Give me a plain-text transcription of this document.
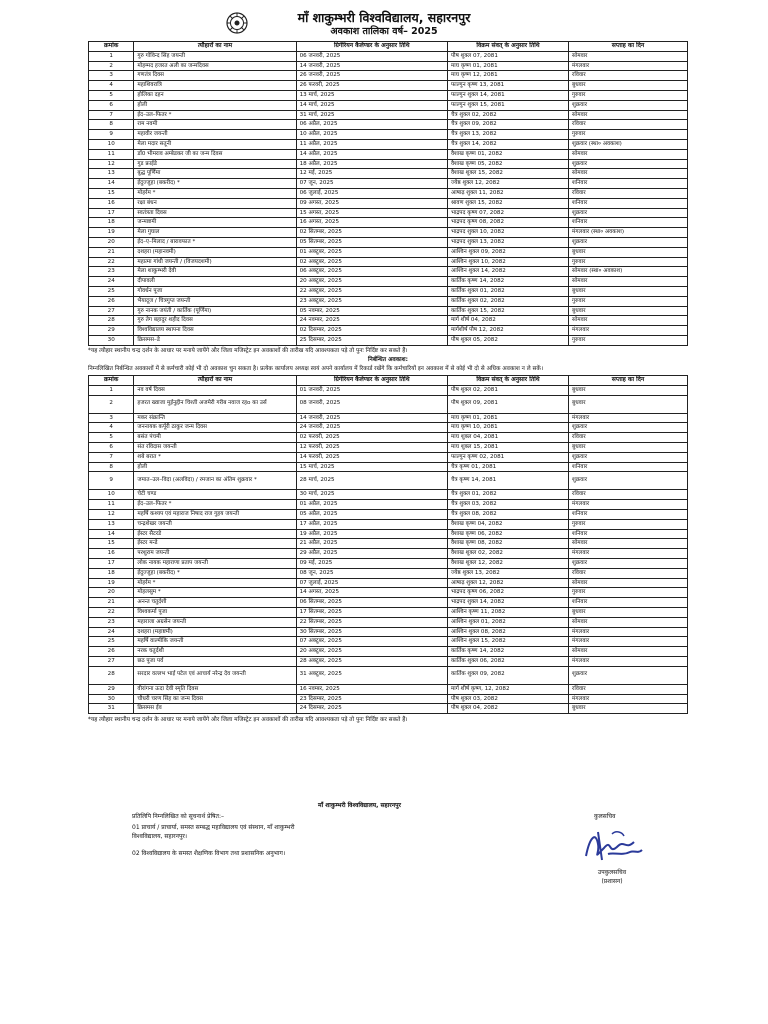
माँ शाकुम्भरी विश्वविद्यालय, सहारनपुर
अवकाश तालिका वर्ष– 2025
क्रमांक	त्यौहारों का नाम	ग्रिगेरियन कैलेण्डर के अनुसार तिथि	विक्रम संवत् के अनुसार तिथि	सप्ताह का दिन
1	गुरु गोविन्द सिंह जयन्ती	06 जनवरी, 2025	पौष शुक्ल 07, 2081	सोमवार
2	मोहम्मद हजरत अली का जन्मदिवस	14 जनवरी, 2025	माघ कृष्ण 01, 2081	मंगलवार
3	गणतंत्र दिवस	26 जनवरी, 2025	माघ कृष्ण 12, 2081	रविवार
4	महाशिवरात्रि	26 फरवरी, 2025	फाल्गुन कृष्ण 13, 2081	बुधवार
5	होलिका दहन	13 मार्च, 2025	फाल्गुन शुक्ल 14, 2081	गुरुवार
6	होली	14 मार्च, 2025	फाल्गुन शुक्ल 15, 2081	शुक्रवार
7	ईद–उल–फितर *	31 मार्च, 2025	चैत्र शुक्ल 02, 2082	सोमवार
8	राम नवमी	06 अप्रैल, 2025	चैत्र शुक्ल 09, 2082	रविवार
9	महावीर जयन्ती	10 अप्रैल, 2025	चैत्र शुक्ल 13, 2082	गुरुवार
10	मेला मदार सतूनी	11 अप्रैल, 2025	चैत्र शुक्ल 14, 2082	शुक्रवार (स्था० अवकाश)
11	डॉ0 भीमराव अम्बेडकर जी का जन्म दिवस	14 अप्रैल, 2025	वैशाख कृष्ण 01, 2082	सोमवार
12	गुड फ्राईडे	18 अप्रैल, 2025	वैशाख कृष्ण 05, 2082	शुक्रवार
13	बुद्ध पूर्णिमा	12 मई, 2025	वैशाख शुक्ल 15, 2082	सोमवार
14	ईदुज्जुहा (बकरीद) *	07 जून, 2025	ज्येष्ठ शुक्ल 12, 2082	शनिवार
15	मोहर्रम *	06 जुलाई, 2025	आषाढ़ शुक्ल 11, 2082	रविवार
16	रक्षा बंधन	09 अगस्त, 2025	श्रावण शुक्ल 15, 2082	शनिवार
17	स्वतंत्रता दिवस	15 अगस्त, 2025	भाद्रपद कृष्ण 07, 2082	शुक्रवार
18	जन्माष्टमी	16 अगस्त, 2025	भाद्रपद कृष्ण 08, 2082	शनिवार
19	मेला गुघाल	02 सितम्बर, 2025	भाद्रपद शुक्ल 10, 2082	मंगलवार (स्था० अवकाश)
20	ईद–ए–मिलाद / बारावफात *	05 सितम्बर, 2025	भाद्रपद शुक्ल 13, 2082	शुक्रवार
21	दशहरा (महानवमी)	01 अक्टूबर, 2025	आश्विन शुक्ल 09, 2082	बुधवार
22	महात्मा गांधी जयन्ती / (विजयदशमी)	02 अक्टूबर, 2025	आश्विन शुक्ल 10, 2082	गुरुवार
23	मेला शाकुम्भरी देवी	06 अक्टूबर, 2025	आश्विन शुक्ल 14, 2082	सोमवार (स्था० अवकाश)
24	दीपावली	20 अक्टूबर, 2025	कार्तिक कृष्ण 14, 2082	सोमवार
25	गोवर्धन पूजा	22 अक्टूबर, 2025	कार्तिक शुक्ल 01, 2082	बुधवार
26	भैयादूज / चित्रगुप्त जयन्ती	23 अक्टूबर, 2025	कार्तिक शुक्ल 02, 2082	गुरुवार
27	गुरु नानक जयंती / कार्तिक (पूर्णिमा)	05 नवम्बर, 2025	कार्तिक शुक्ल 15, 2082	बुधवार
28	गुरु तेग बहादुर शहीद दिवस	24 नवम्बर, 2025	मार्ग शीर्ष 04, 2082	सोमवार
29	विश्वविद्यालय स्थापना दिवस	02 दिसम्बर, 2025	मार्गशीर्ष पौष 12, 2082	मंगलवार
30	क्रिसमस–डे	25 दिसम्बर, 2025	पौष शुक्ल 05, 2082	गुरुवार
*यह त्यौहार स्थानीय चन्द्र दर्शन के आधार पर मनाये जायेंगे और जिला मजिस्ट्रेट इन अवकाशों की तारीख यदि आवश्यकता पड़े तो पुनः निर्दिष्ट कर सकते हैं।
निर्बन्धित अवकाश:
निम्नलिखित निर्बन्धित अवकाशों में से कर्मचारी कोई भी दो अवकाश चुन सकता है। प्रत्येक कार्यालय अध्यक्ष स्वयं अपने कार्यालय में रिकार्ड रखेंगे कि कर्मचारियों इन अवकाश में से कोई भी दो से अधिक अवकाश न ले सकें।
क्रमांक	त्यौहारों का नाम	ग्रिगेरियन कैलेण्डर के अनुसार तिथि	विक्रम संवत् के अनुसार तिथि	सप्ताह का दिन
1	नव वर्ष दिवस	01 जनवरी, 2025	पौष शुक्ल 02, 2081	बुधवार
2	हजरत ख्वाजा मुईनुद्दीन चिश्ती अजमेरी गरीब नवाज रहo का उर्स	08 जनवरी, 2025	पौष शुक्ल 09, 2081	बुधवार
3	मकर संक्रान्ति	14 जनवरी, 2025	माघ कृष्ण 01, 2081	मंगलवार
4	जननायक कर्पूरी ठाकुर जन्म दिवस	24 जनवरी, 2025	माघ कृष्ण 10, 2081	शुक्रवार
5	बसंत पंचमी	02 फरवरी, 2025	माघ शुक्ल 04, 2081	रविवार
6	संत रविदास जयन्ती	12 फरवरी, 2025	माघ शुक्ल 15, 2081	बुधवार
7	शबे बरात *	14 फरवरी, 2025	फाल्गुन कृष्ण 02, 2081	शुक्रवार
8	होली	15 मार्च, 2025	चैत्र कृष्ण 01, 2081	शनिवार
9	जमात–उल–विदा (अलविदा) / रमजान का अंतिम शुक्रवार *	28 मार्च, 2025	चैत्र कृष्ण 14, 2081	शुक्रवार
10	चेटी चण्ड	30 मार्च, 2025	चैत्र शुक्ल 01, 2082	रविवार
11	ईद–उल–फितर *	01 अप्रैल, 2025	चैत्र शुक्ल 03, 2082	मंगलवार
12	महर्षि कश्यप एवं महाराज निषाद राज गुहय जयन्ती	05 अप्रैल, 2025	चैत्र शुक्ल 08, 2082	शनिवार
13	चन्द्रशेखर जयन्ती	17 अप्रैल, 2025	वैशाख कृष्ण 04, 2082	गुरुवार
14	ईस्टर सैटरडे	19 अप्रैल, 2025	वैशाख कृष्ण 06, 2082	शनिवार
15	ईस्टर मन्डे	21 अप्रैल, 2025	वैशाख कृष्ण 08, 2082	सोमवार
16	परशुराम जयन्ती	29 अप्रैल, 2025	वैशाख शुक्ल 02, 2082	मंगलवार
17	लोक नायक महाराणा प्रताप जयन्ती	09 मई, 2025	वैशाख शुक्ल 12, 2082	शुक्रवार
18	ईदुज्जुहा (बकरीद) *	08 जून, 2025	ज्येष्ठ शुक्ल 13, 2082	रविवार
19	मोहर्रम *	07 जुलाई, 2025	आषाढ़ शुक्ल 12, 2082	सोमवार
20	मोहलसुम *	14 अगस्त, 2025	भाद्रपद कृष्ण 06, 2082	गुरुवार
21	अनन्त चतुर्दशी	06 सितम्बर, 2025	भाद्रपद शुक्ल 14, 2082	शनिवार
22	विश्वकर्मा पूजा	17 सितम्बर, 2025	आश्विन कृष्ण 11, 2082	बुधवार
23	महाराजा अग्रसेन जयन्ती	22 सितम्बर, 2025	आश्विन शुक्ल 01, 2082	सोमवार
24	दशहरा (महाष्टमी)	30 सितम्बर, 2025	आश्विन शुक्ल 08, 2082	मंगलवार
25	महर्षि वाल्मीकि जयन्ती	07 अक्टूबर, 2025	आश्विन शुक्ल 15, 2082	मंगलवार
26	नरक चतुर्दशी	20 अक्टूबर, 2025	कार्तिक कृष्ण 14, 2082	सोमवार
27	छठ पूजा पर्व	28 अक्टूबर, 2025	कार्तिक शुक्ल 06, 2082	मंगलवार
28	सरदार वल्लभ भाई पटेल एवं आचार्य नरेन्द्र देव जयन्ती	31 अक्टूबर, 2025	कार्तिक शुक्ल 09, 2082	शुक्रवार
29	वीरांगना ऊदा देवी स्मृति दिवस	16 नवम्बर, 2025	मार्ग शीर्ष कृष्ण, 12, 2082	रविवार
30	चौधरी चरण सिंह का जन्म दिवस	23 दिसम्बर, 2025	पौष शुक्ल 03, 2082	मंगलवार
31	क्रिसमस ईव	24 दिसम्बर, 2025	पौष शुक्ल 04, 2082	बुधवार
*यह त्यौहार स्थानीय चन्द्र दर्शन के आधार पर मनाये जायेंगे और जिला मजिस्ट्रेट इन अवकाशों की तारीख यदि आवश्यकता पड़े तो पुनः निर्दिष्ट कर सकते हैं।
माँ शाकुम्भरी विश्वविद्यालय, सहारनपुर
कुलसचिव
प्रतिलिपि निम्नलिखित को सूचनार्थ प्रेषित:–
01 प्राचार्य / प्राचार्या, समस्त सम्बद्ध महाविद्यालय एवं संस्थान, माँ शाकुम्भरी विश्वविद्यालय, सहारनपुर।
02 विश्वविद्यालय के समस्त शैक्षणिक विभाग तथा प्रशासनिक अनुभाग।
उपकुलसचिव
(प्रशासन)
